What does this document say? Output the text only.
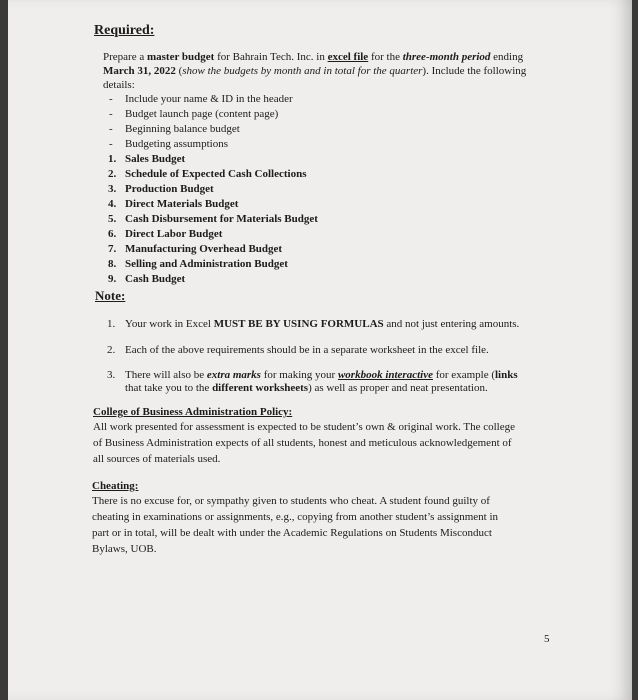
Required:
Prepare a master budget for Bahrain Tech. Inc. in excel file for the three-month period ending
March 31, 2022 (show the budgets by month and in total for the quarter). Include the following
details:
- Include your name & ID in the header
- Budget launch page (content page)
- Beginning balance budget
- Budgeting assumptions
1. Sales Budget
2. Schedule of Expected Cash Collections
3. Production Budget
4. Direct Materials Budget
5. Cash Disbursement for Materials Budget
6. Direct Labor Budget
7. Manufacturing Overhead Budget
8. Selling and Administration Budget
9. Cash Budget
Note:
1. Your work in Excel MUST BE BY USING FORMULAS and not just entering amounts.
2. Each of the above requirements should be in a separate worksheet in the excel file.
3. There will also be extra marks for making your workbook interactive for example (links
that take you to the different worksheets) as well as proper and neat presentation.
College of Business Administration Policy:
All work presented for assessment is expected to be student’s own & original work. The college
of Business Administration expects of all students, honest and meticulous acknowledgement of
all sources of materials used.
Cheating:
There is no excuse for, or sympathy given to students who cheat. A student found guilty of
cheating in examinations or assignments, e.g., copying from another student’s assignment in
part or in total, will be dealt with under the Academic Regulations on Students Misconduct
Bylaws, UOB.
5
